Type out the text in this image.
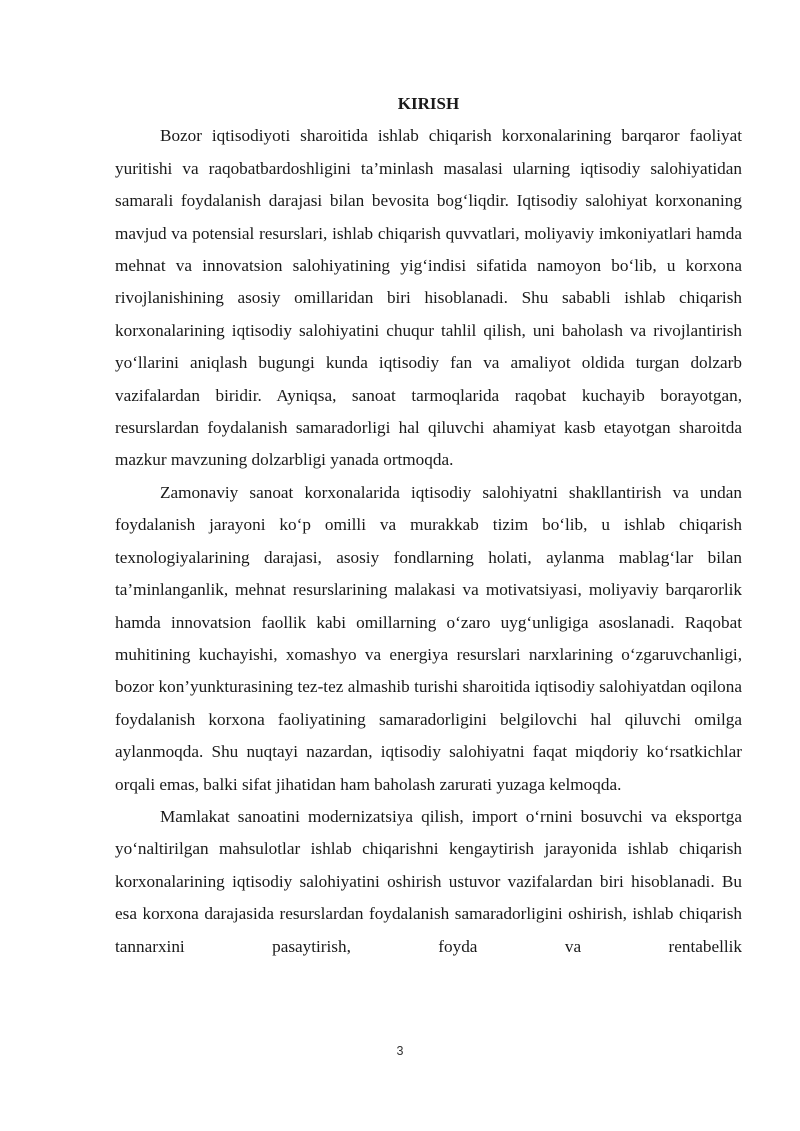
KIRISH

Bozor iqtisodiyoti sharoitida ishlab chiqarish korxonalarining barqaror faoliyat yuritishi va raqobatbardoshligini ta’minlash masalasi ularning iqtisodiy salohiyatidan samarali foydalanish darajasi bilan bevosita bog‘liqdir. Iqtisodiy salohiyat korxonaning mavjud va potensial resurslari, ishlab chiqarish quvvatlari, moliyaviy imkoniyatlari hamda mehnat va innovatsion salohiyatining yig‘indisi sifatida namoyon bo‘lib, u korxona rivojlanishining asosiy omillaridan biri hisoblanadi. Shu sababli ishlab chiqarish korxonalarining iqtisodiy salohiyatini chuqur tahlil qilish, uni baholash va rivojlantirish yo‘llarini aniqlash bugungi kunda iqtisodiy fan va amaliyot oldida turgan dolzarb vazifalardan biridir. Ayniqsa, sanoat tarmoqlarida raqobat kuchayib borayotgan, resurslardan foydalanish samaradorligi hal qiluvchi ahamiyat kasb etayotgan sharoitda mazkur mavzuning dolzarbligi yanada ortmoqda.

Zamonaviy sanoat korxonalarida iqtisodiy salohiyatni shakllantirish va undan foydalanish jarayoni ko‘p omilli va murakkab tizim bo‘lib, u ishlab chiqarish texnologiyalarining darajasi, asosiy fondlarning holati, aylanma mablag‘lar bilan ta’minlanganlik, mehnat resurslarining malakasi va motivatsiyasi, moliyaviy barqarorlik hamda innovatsion faollik kabi omillarning o‘zaro uyg‘unligiga asoslanadi. Raqobat muhitining kuchayishi, xomashyo va energiya resurslari narxlarining o‘zgaruvchanligi, bozor kon’yunkturasining tez-tez almashib turishi sharoitida iqtisodiy salohiyatdan oqilona foydalanish korxona faoliyatining samaradorligini belgilovchi hal qiluvchi omilga aylanmoqda. Shu nuqtayi nazardan, iqtisodiy salohiyatni faqat miqdoriy ko‘rsatkichlar orqali emas, balki sifat jihatidan ham baholash zarurati yuzaga kelmoqda.

Mamlakat sanoatini modernizatsiya qilish, import o‘rnini bosuvchi va eksportga yo‘naltirilgan mahsulotlar ishlab chiqarishni kengaytirish jarayonida ishlab chiqarish korxonalarining iqtisodiy salohiyatini oshirish ustuvor vazifalardan biri hisoblanadi. Bu esa korxona darajasida resurslardan foydalanish samaradorligini oshirish, ishlab chiqarish tannarxini pasaytirish, foyda va rentabellik

3
